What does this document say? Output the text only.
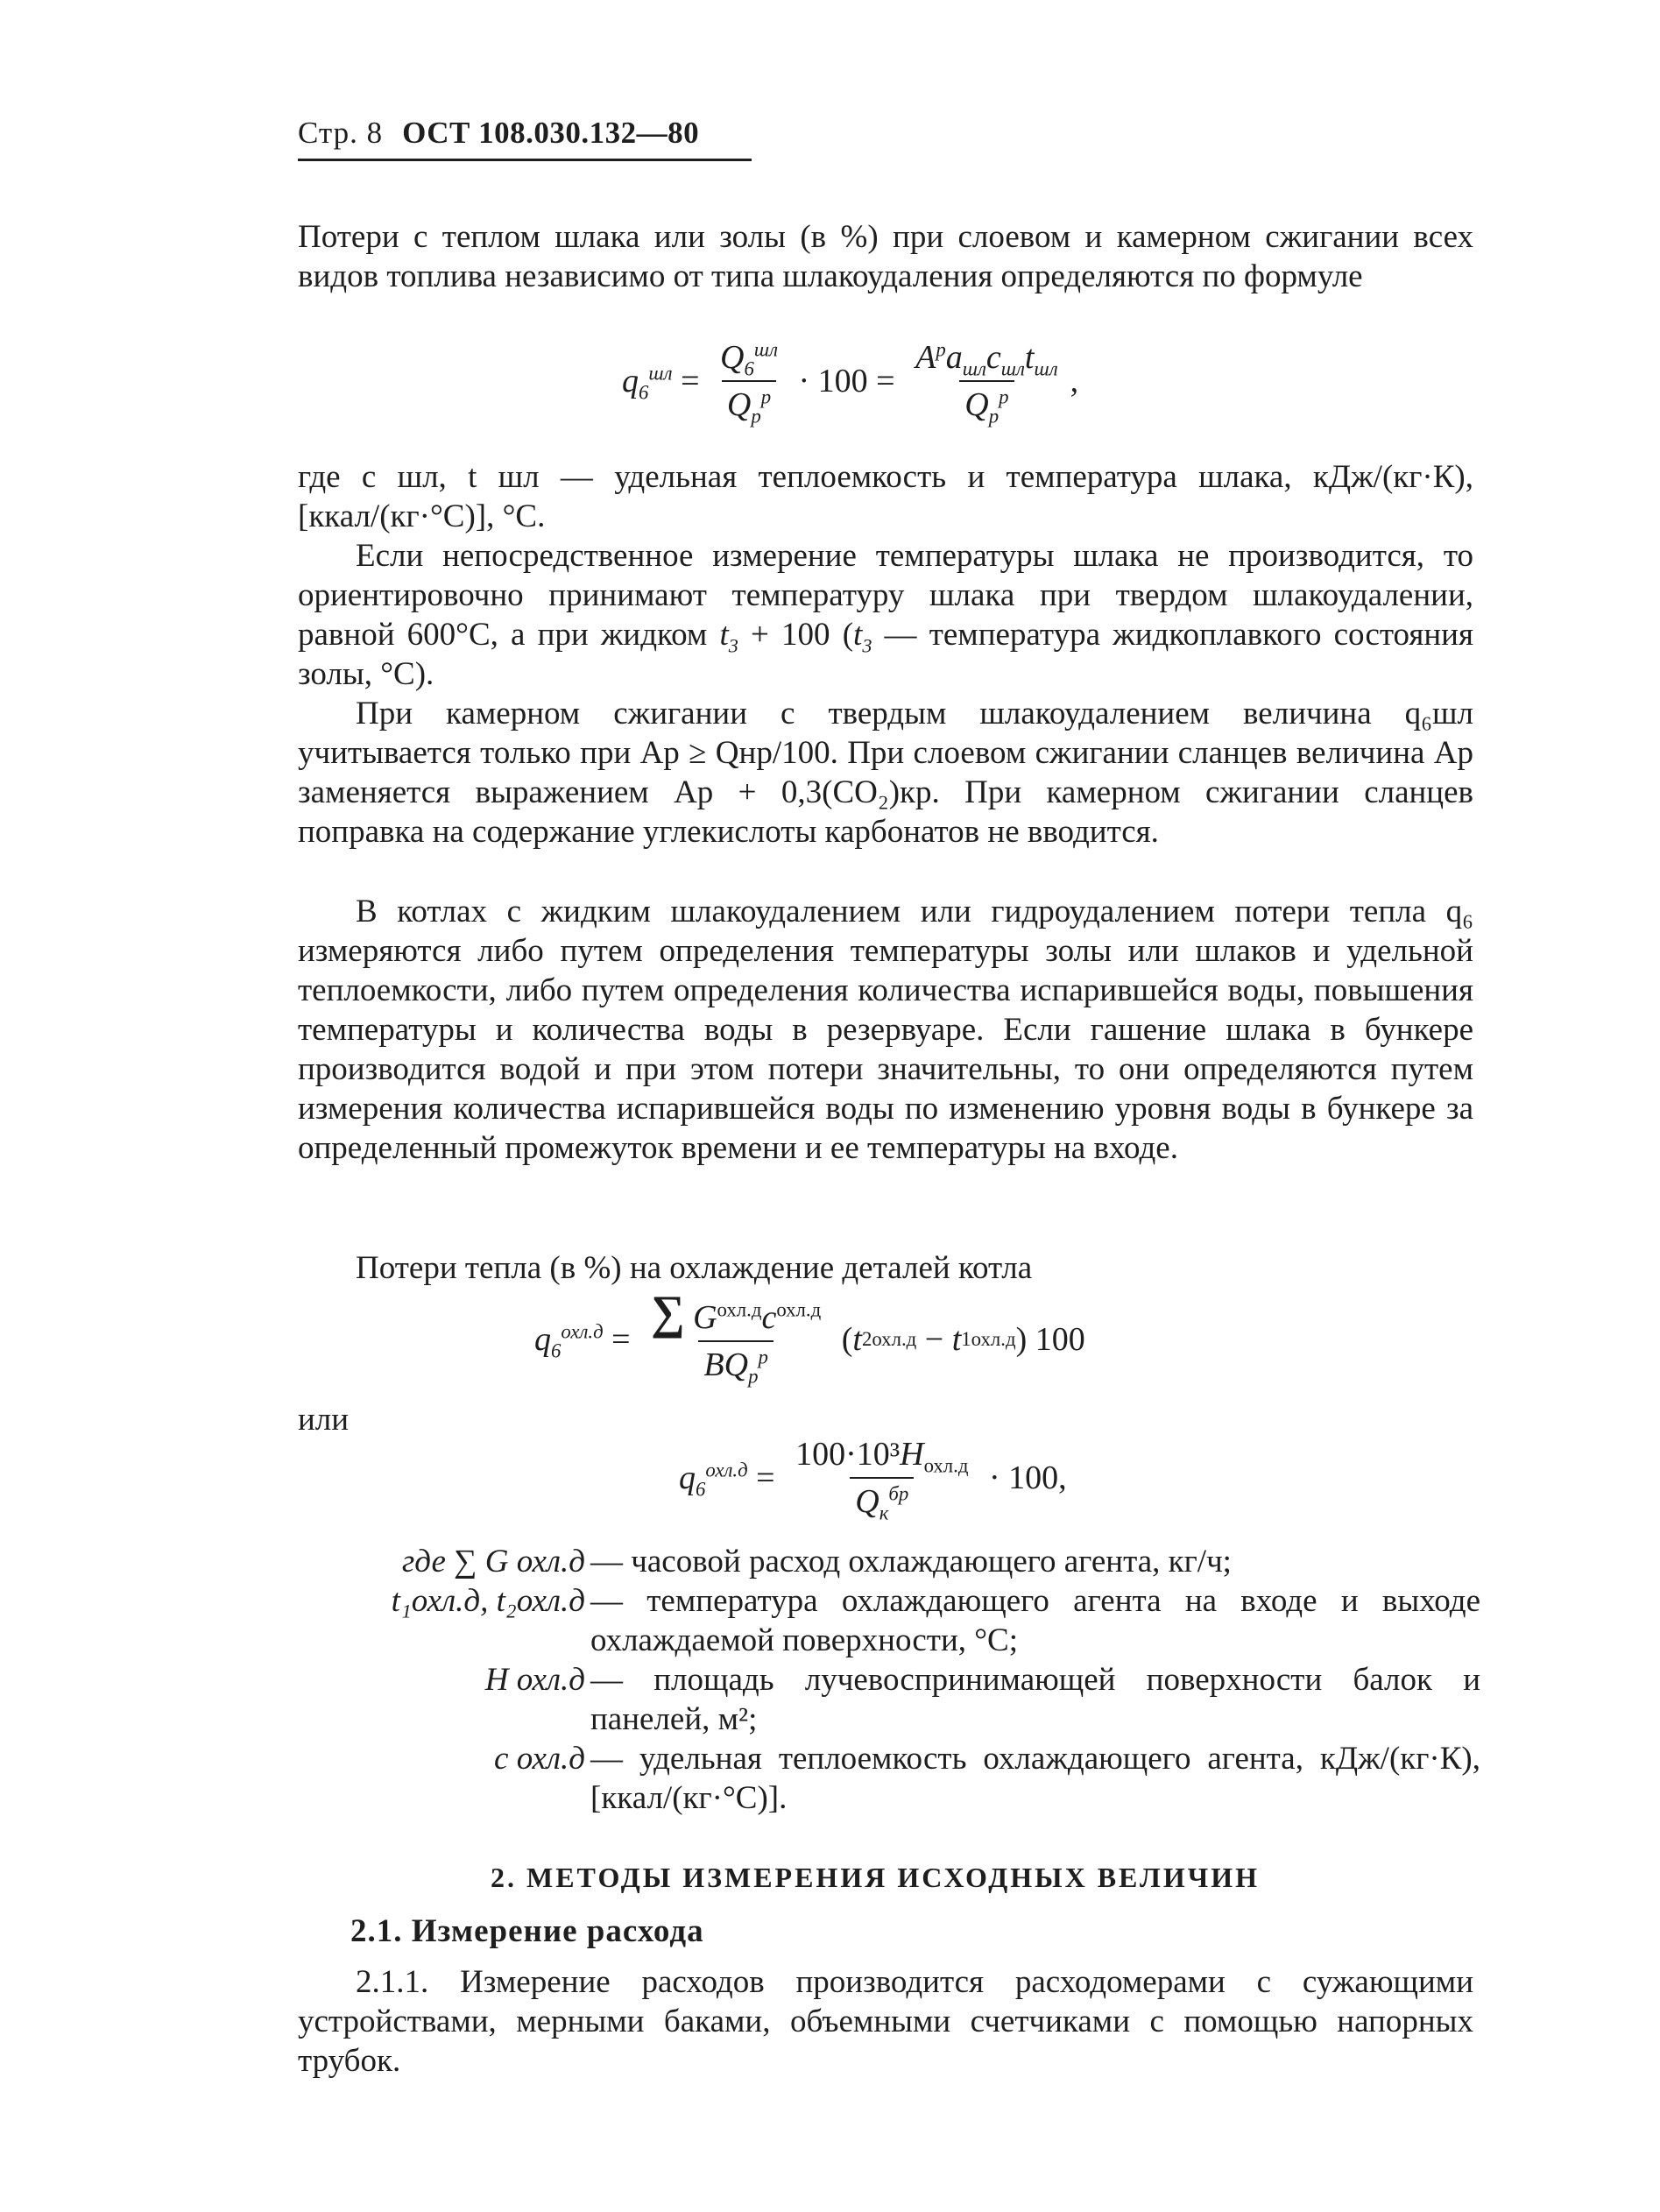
Стр. 8 ОСТ 108.030.132—80
Потери с теплом шлака или золы (в %) при слоевом и камерном сжигании всех видов топлива независимо от типа шлакоудаления определяются по формуле
$q_6^{шл} = \frac{Q_6^{шл}}{Q_р^р} \cdot 100 = \frac{A^рa_{шл}c_{шл}t_{шл}}{Q_р^р}$ ,
где c шл, t шл — удельная теплоемкость и температура шлака, кДж/(кг·К), [ккал/(кг·°С)], °С.
Если непосредственное измерение температуры шлака не производится, то ориентировочно принимают температуру шлака при твердом шлакоудалении, равной 600°С, а при жидком $t_3 + 100$ ($t_3$ — температура жидкоплавкого состояния золы, °С).
При камерном сжигании с твердым шлакоудалением величина q₆шл учитывается только при Aр ≥ Qнр/100. При слоевом сжигании сланцев величина Aр заменяется выражением Aр + 0,3(CO₂)кр. При камерном сжигании сланцев поправка на содержание углекислоты карбонатов не вводится.
В котлах с жидким шлакоудалением или гидроудалением потери тепла q₆ измеряются либо путем определения температуры золы или шлаков и удельной теплоемкости, либо путем определения количества испарившейся воды, повышения температуры и количества воды в резервуаре. Если гашение шлака в бункере производится водой и при этом потери значительны, то они определяются путем измерения количества испарившейся воды по изменению уровня воды в бункере за определенный промежуток времени и ее температуры на входе.
Потери тепла (в %) на охлаждение деталей котла
$q_6^{охл.д} = \frac{\sum G^{охл.д}c^{охл.д}}{BQ_р^р}$ ( t 2 охл.д − t 1 охл.д ) 100
или
$q_6^{охл.д} = \frac{100\cdot 10^3H_{охл.д}}{Q_к^{бр}} \cdot 100$,
где ∑ G охл.д — часовой расход охлаждающего агента, кг/ч;
t₁охл.д, t₂охл.д — температура охлаждающего агента на входе и выходе охлаждаемой поверхности, °С;
H охл.д — площадь лучевоспринимающей поверхности балок и панелей, м²;
c охл.д — удельная теплоемкость охлаждающего агента, кДж/(кг·К), [ккал/(кг·°С)].
2. МЕТОДЫ ИЗМЕРЕНИЯ ИСХОДНЫХ ВЕЛИЧИН
2.1. Измерение расхода
2.1.1. Измерение расходов производится расходомерами с сужающими устройствами, мерными баками, объемными счетчиками с помощью напорных трубок.
